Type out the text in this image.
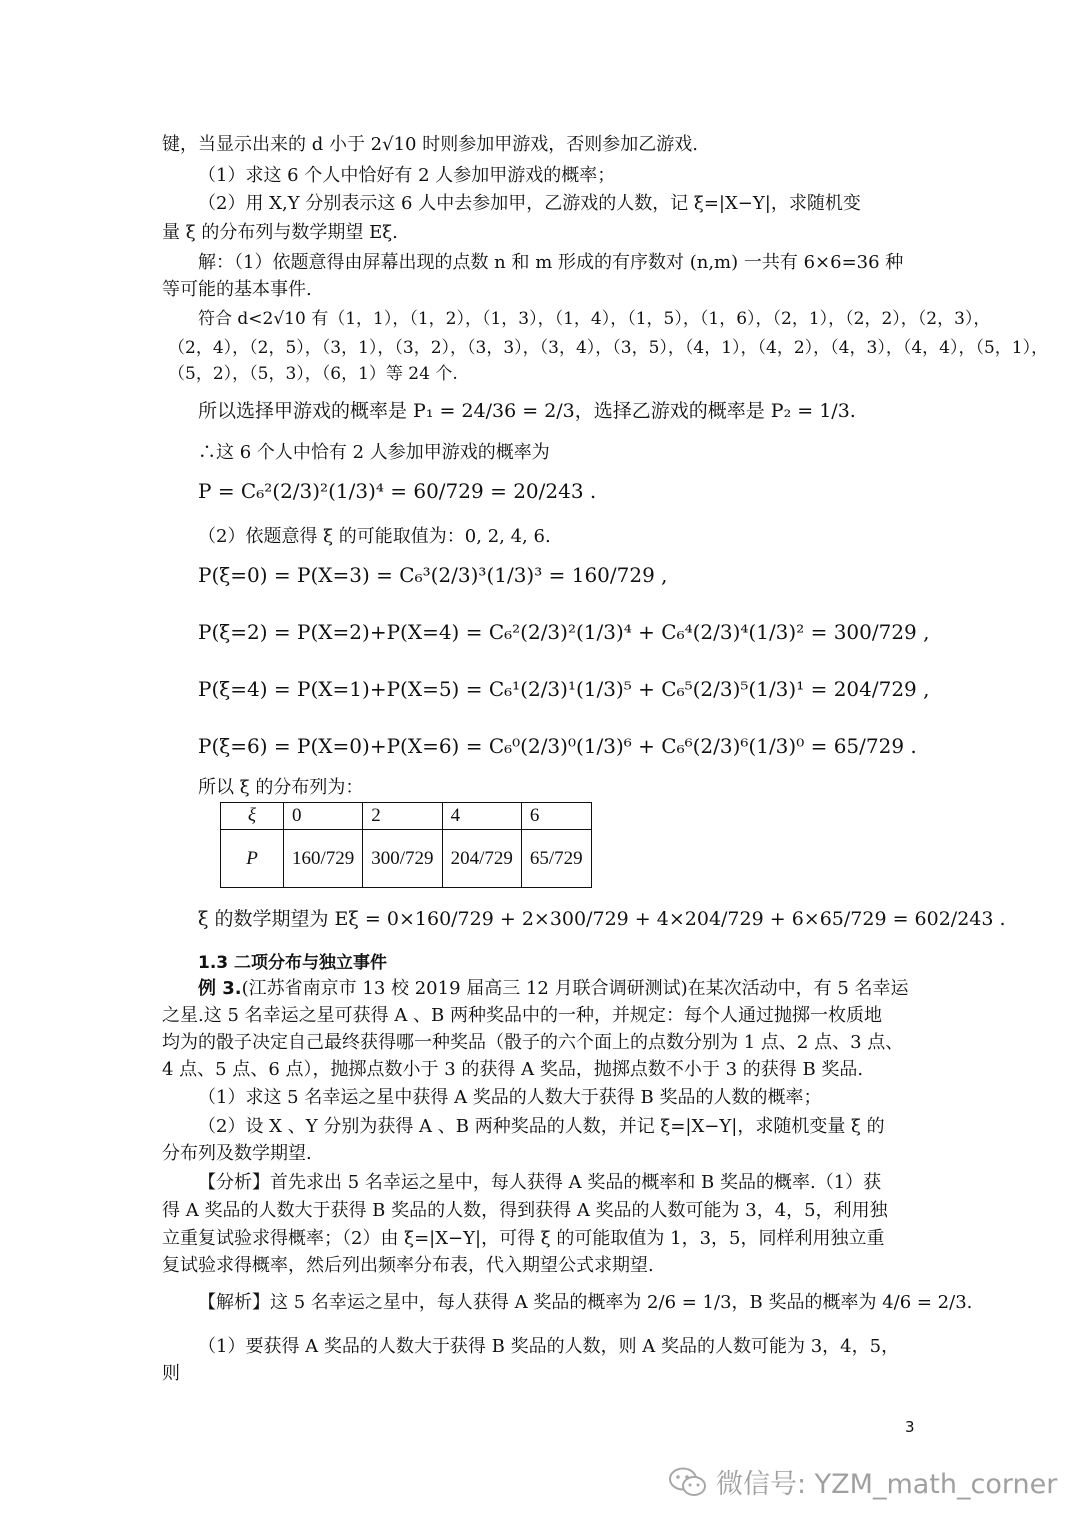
键，当显示出来的 d 小于 2√10 时则参加甲游戏，否则参加乙游戏.
（1）求这 6 个人中恰好有 2 人参加甲游戏的概率；
（2）用 X,Y 分别表示这 6 人中去参加甲，乙游戏的人数，记 ξ=|X−Y|，求随机变
量 ξ 的分布列与数学期望 Eξ.
解：（1）依题意得由屏幕出现的点数 n 和 m 形成的有序数对 (n,m) 一共有 6×6=36 种
等可能的基本事件.
符合 d<2√10 有（1，1），（1，2），（1，3），（1，4），（1，5），（1，6），（2，1），（2，2），（2，3），
（2，4），（2，5），（3，1），（3，2），（3，3），（3，4），（3，5），（4，1），（4，2），（4，3），（4，4），（5，1），
（5，2），（5，3），（6，1）等 24 个.
所以选择甲游戏的概率是 P₁ = 24/36 = 2/3，选择乙游戏的概率是 P₂ = 1/3.
∴这 6 个人中恰有 2 人参加甲游戏的概率为
P = C₆²(2/3)²(1/3)⁴ = 60/729 = 20/243 .
（2）依题意得 ξ 的可能取值为：0, 2, 4, 6.
P(ξ=0) = P(X=3) = C₆³(2/3)³(1/3)³ = 160/729 ,
P(ξ=2) = P(X=2)+P(X=4) = C₆²(2/3)²(1/3)⁴ + C₆⁴(2/3)⁴(1/3)² = 300/729 ,
P(ξ=4) = P(X=1)+P(X=5) = C₆¹(2/3)¹(1/3)⁵ + C₆⁵(2/3)⁵(1/3)¹ = 204/729 ,
P(ξ=6) = P(X=0)+P(X=6) = C₆⁰(2/3)⁰(1/3)⁶ + C₆⁶(2/3)⁶(1/3)⁰ = 65/729 .
所以 ξ 的分布列为：
ξ	0	2	4	6
P	160/729	300/729	204/729	65/729
ξ 的数学期望为 Eξ = 0×160/729 + 2×300/729 + 4×204/729 + 6×65/729 = 602/243 .
1.3 二项分布与独立事件
例 3.(江苏省南京市 13 校 2019 届高三 12 月联合调研测试)在某次活动中，有 5 名幸运
之星.这 5 名幸运之星可获得 A 、B 两种奖品中的一种，并规定：每个人通过抛掷一枚质地
均为的骰子决定自己最终获得哪一种奖品（骰子的六个面上的点数分别为 1 点、2 点、3 点、
4 点、5 点、6 点），抛掷点数小于 3 的获得 A 奖品，抛掷点数不小于 3 的获得 B 奖品.
（1）求这 5 名幸运之星中获得 A 奖品的人数大于获得 B 奖品的人数的概率；
（2）设 X 、Y 分别为获得 A 、B 两种奖品的人数，并记 ξ=|X−Y|，求随机变量 ξ 的
分布列及数学期望.
【分析】首先求出 5 名幸运之星中，每人获得 A 奖品的概率和 B 奖品的概率.（1）获
得 A 奖品的人数大于获得 B 奖品的人数，得到获得 A 奖品的人数可能为 3，4，5，利用独
立重复试验求得概率；（2）由 ξ=|X−Y|，可得 ξ 的可能取值为 1，3，5，同样利用独立重
复试验求得概率，然后列出频率分布表，代入期望公式求期望.
【解析】这 5 名幸运之星中，每人获得 A 奖品的概率为 2/6 = 1/3，B 奖品的概率为 4/6 = 2/3.
（1）要获得 A 奖品的人数大于获得 B 奖品的人数，则 A 奖品的人数可能为 3，4，5，
则
3
微信号: YZM_math_corner
